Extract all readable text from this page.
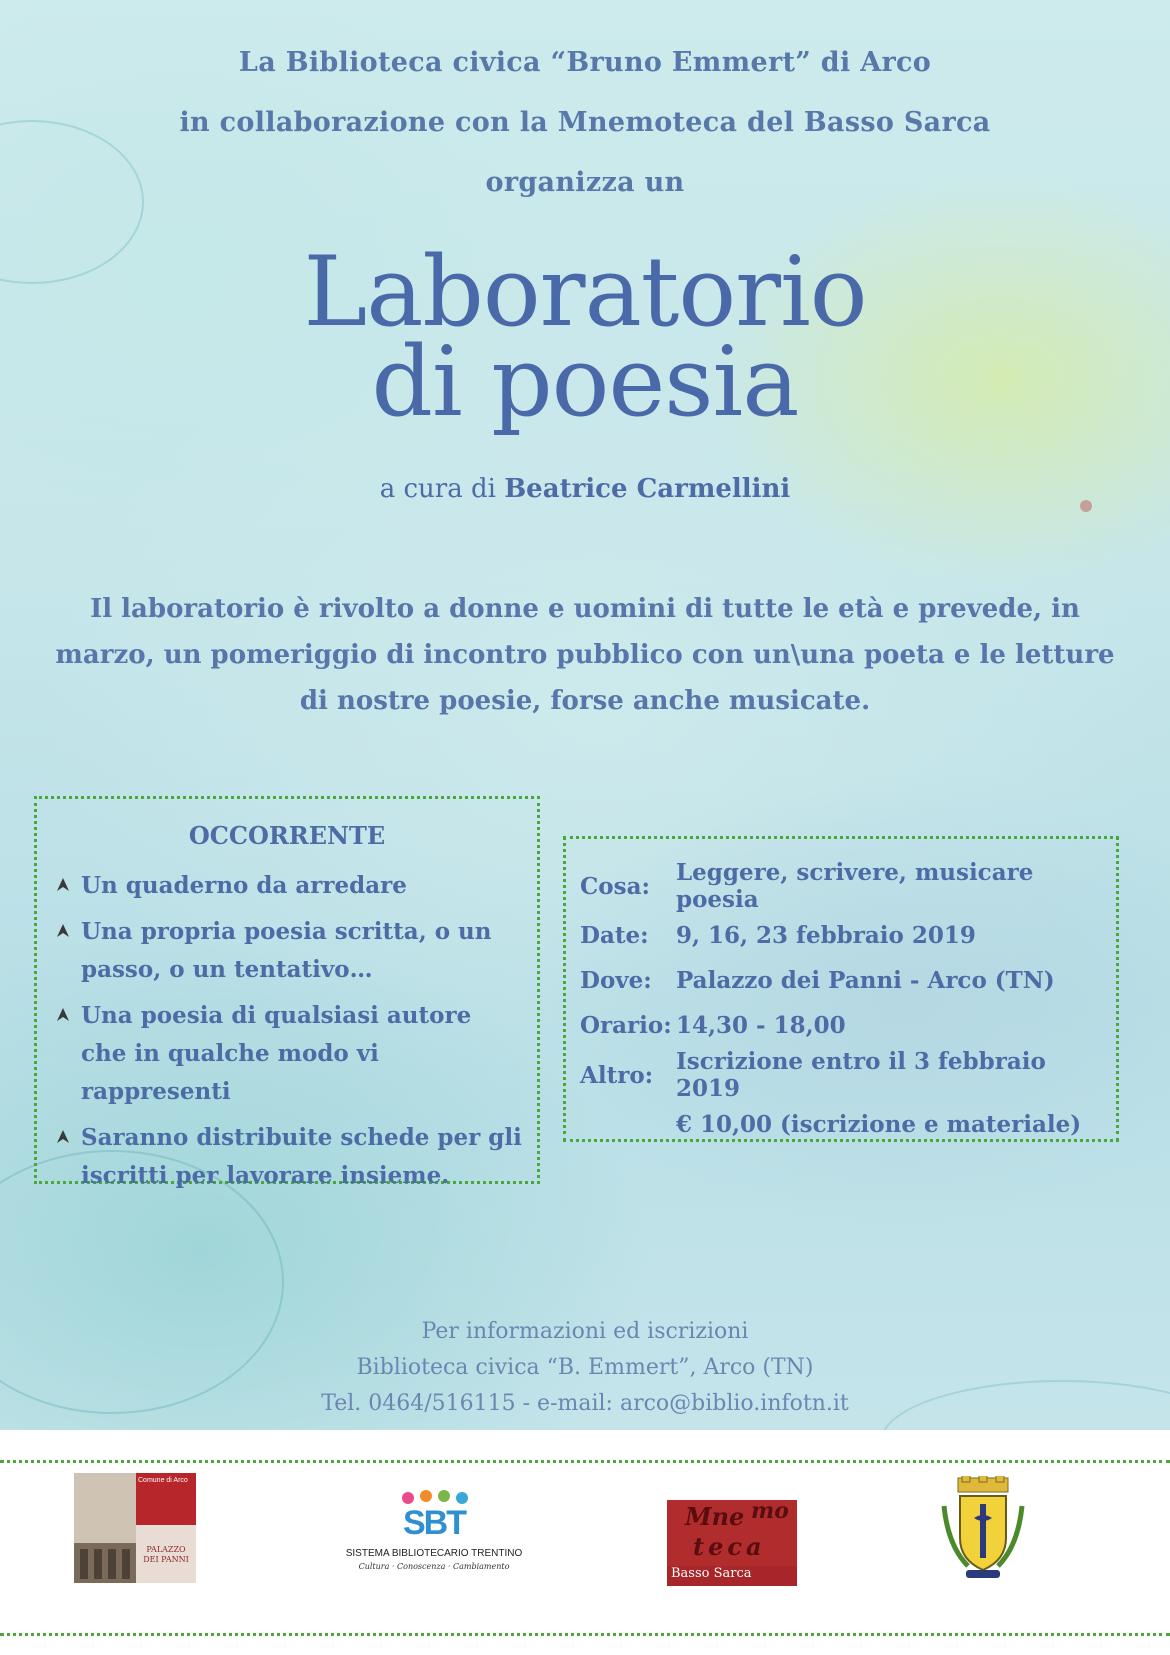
La Biblioteca civica “Bruno Emmert” di Arco
in collaborazione con la Mnemoteca del Basso Sarca
organizza un
Laboratorio
di poesia
a cura di Beatrice Carmellini
Il laboratorio è rivolto a donne e uomini di tutte le età e prevede, in
marzo, un pomeriggio di incontro pubblico con un\una poeta e le letture
di nostre poesie, forse anche musicate.
OCCORRENTE
Un quaderno da arredare
Una propria poesia scritta, o un passo, o un tentativo…
Una poesia di qualsiasi autore che in qualche modo vi rappresenti
Saranno distribuite schede per gli iscritti per lavorare insieme.
Cosa:	Leggere, scrivere, musicare poesia
Date:	9, 16, 23 febbraio 2019
Dove:	Palazzo dei Panni - Arco (TN)
Orario:	14,30 - 18,00
Altro:	Iscrizione entro il 3 febbraio 2019
	€ 10,00 (iscrizione e materiale)
Per informazioni ed iscrizioni
Biblioteca civica “B. Emmert”, Arco (TN)
Tel. 0464/516115 - e-mail: arco@biblio.infotn.it
Comune di Arco
PALAZZO
DEI PANNI
SBT
SISTEMA BIBLIOTECARIO TRENTINO
Cultura · Conoscenza · Cambiamento
Mne mo
teca
Basso Sarca
